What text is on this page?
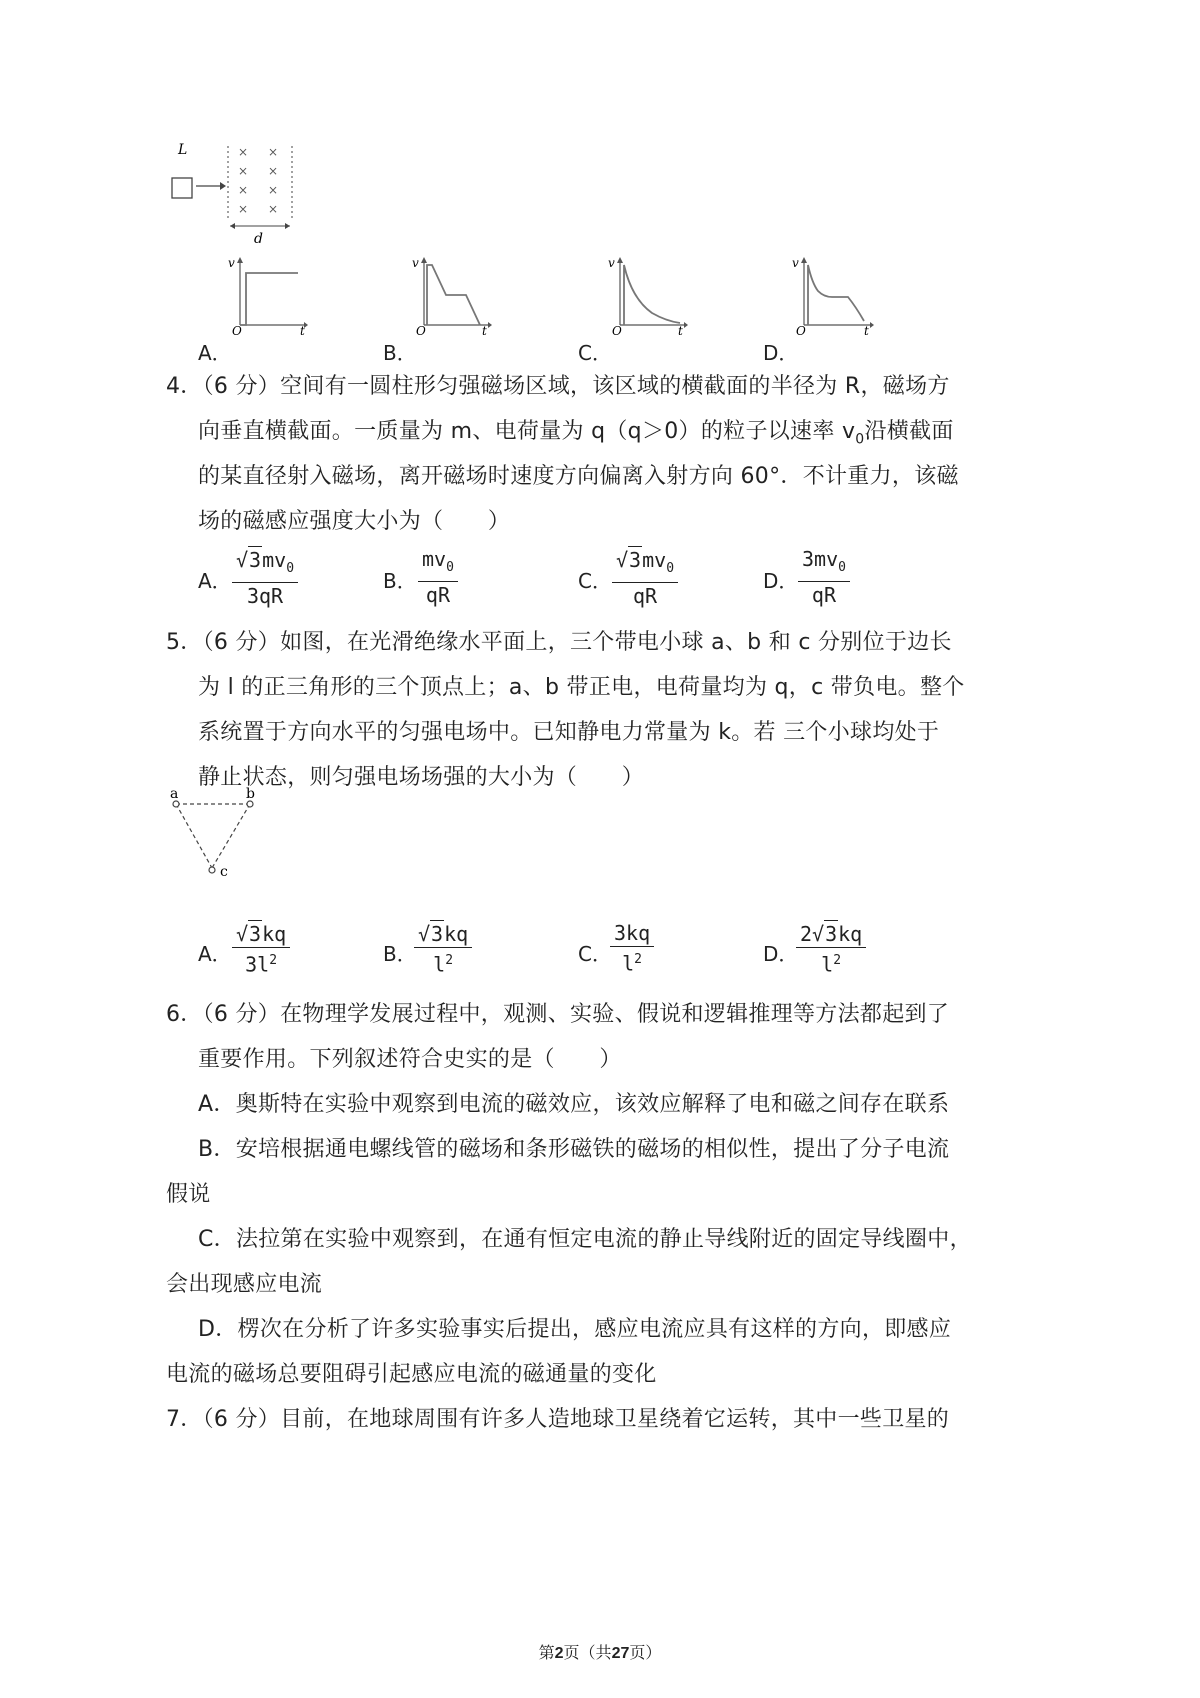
L	× ×
× ×
× ×
× ×
d
A．
v
O	t
B．
v
O	t
C．
v
O	t
D．
v
O	t
4．（6 分）空间有一圆柱形匀强磁场区域，该区域的横截面的半径为 R，磁场方
向垂直横截面。一质量为 m、电荷量为 q（q＞0）的粒子以速率 $v_0$沿横截面
的某直径射入磁场，离开磁场时速度方向偏离入射方向 60°．不计重力，该磁
场的磁感应强度大小为（　　）
A． $\frac{√3mv_0}{3qR}$	B． $\frac{mv_0}{qR}$	C． $\frac{√3mv_0}{qR}$	D． $\frac{3mv_0}{qR}$
5．（6 分）如图，在光滑绝缘水平面上，三个带电小球 a、b 和 c 分别位于边长
为 l 的正三角形的三个顶点上；a、b 带正电，电荷量均为 q，c 带负电。整个
系统置于方向水平的匀强电场中。已知静电力常量为 k。若 三个小球均处于
静止状态，则匀强电场场强的大小为（　　）
a	b
c
A． $\frac{√3kq}{3l^2}$	B．
$\frac{√3kq}{l^2}$	C．
$\frac{3kq}{l^2}$	D．
$\frac{2√3kq}{l^2}$
6．（6 分）在物理学发展过程中，观测、实验、假说和逻辑推理等方法都起到了
重要作用。下列叙述符合史实的是（　　）
A．奥斯特在实验中观察到电流的磁效应，该效应解释了电和磁之间存在联系
B．安培根据通电螺线管的磁场和条形磁铁的磁场的相似性，提出了分子电流
假说
C．法拉第在实验中观察到，在通有恒定电流的静止导线附近的固定导线圈中，
会出现感应电流
D．楞次在分析了许多实验事实后提出，感应电流应具有这样的方向，即感应
电流的磁场总要阻碍引起感应电流的磁通量的变化
7．（6 分）目前，在地球周围有许多人造地球卫星绕着它运转，其中一些卫星的
第2页（共27页）
